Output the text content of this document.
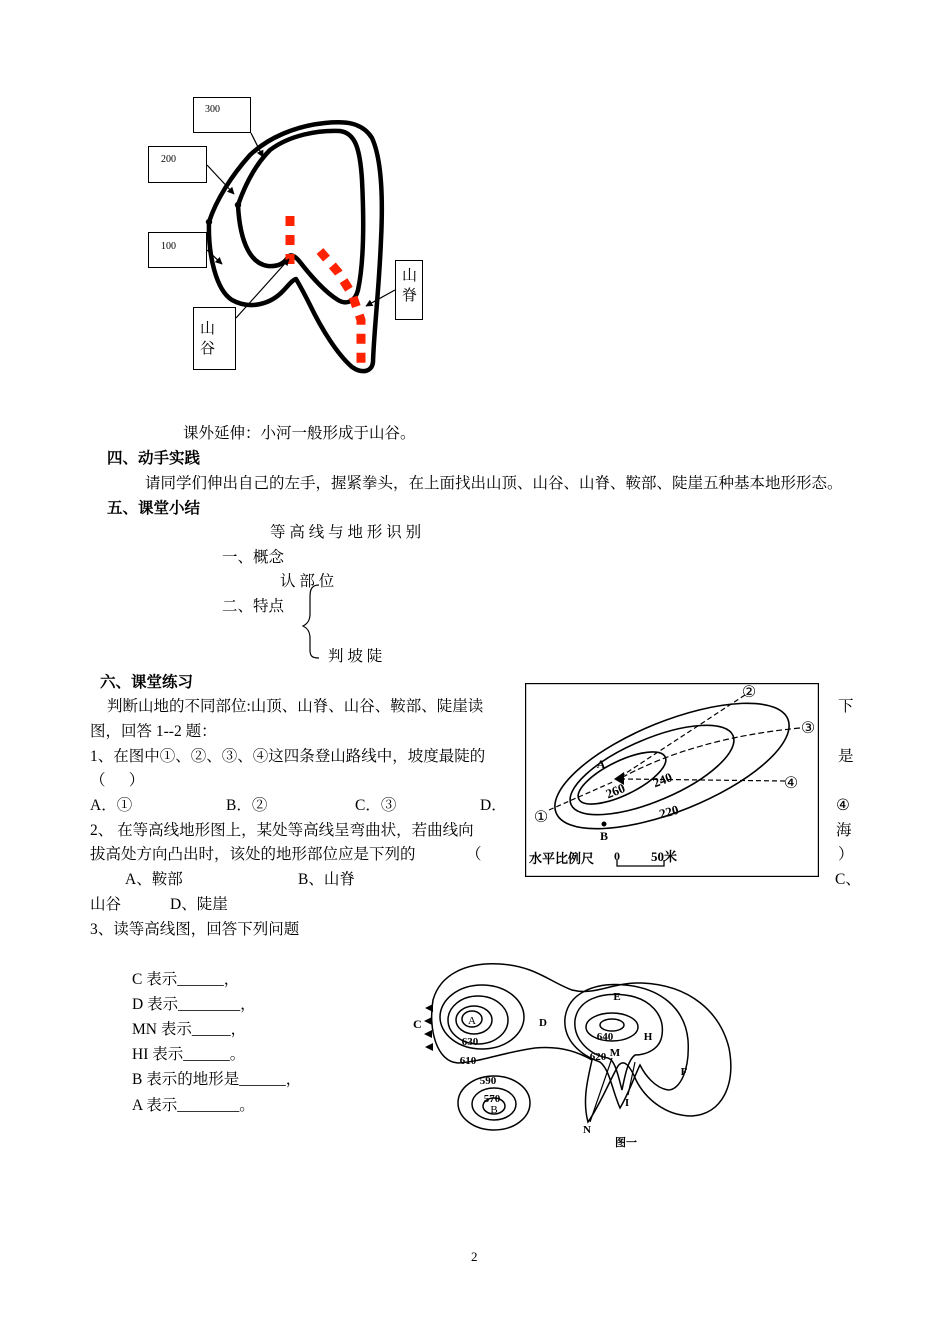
300
200
100
山脊
山谷
课外延伸：小河一般形成于山谷。
四、动手实践
请同学们伸出自己的左手，握紧拳头，在上面找出山顶、山谷、山脊、鞍部、陡崖五种基本地形形态。
五、课堂小结
等 高 线 与 地 形 识 别
一、概念
认 部 位
二、特点
判 坡 陡
六、课堂练习
判断山地的不同部位:山顶、山脊、山谷、鞍部、陡崖读	下
图，回答 1--2 题：
1、在图中①、②、③、④这四条登山路线中，坡度最陡的	是
（      ）
A．①	B．②	C．③	D．	④
2、 在等高线地形图上，某处等高线呈弯曲状，若曲线向	海
拔高处方向凸出时，该处的地形部位应是下列的	（	）
A、鞍部	B、山脊	C、
山谷	D、陡崖
3、读等高线图，回答下列问题
C 表示______，
D 表示________，
MN 表示_____，
HI 表示______。
B 表示的地形是______，
A 表示________。
260
240
220
A
B
①
②
③
④
水平比例尺 0 50米
C	A
630
610
D
E
640	H
620 M
F
590
570
B
I
N
图一
2
